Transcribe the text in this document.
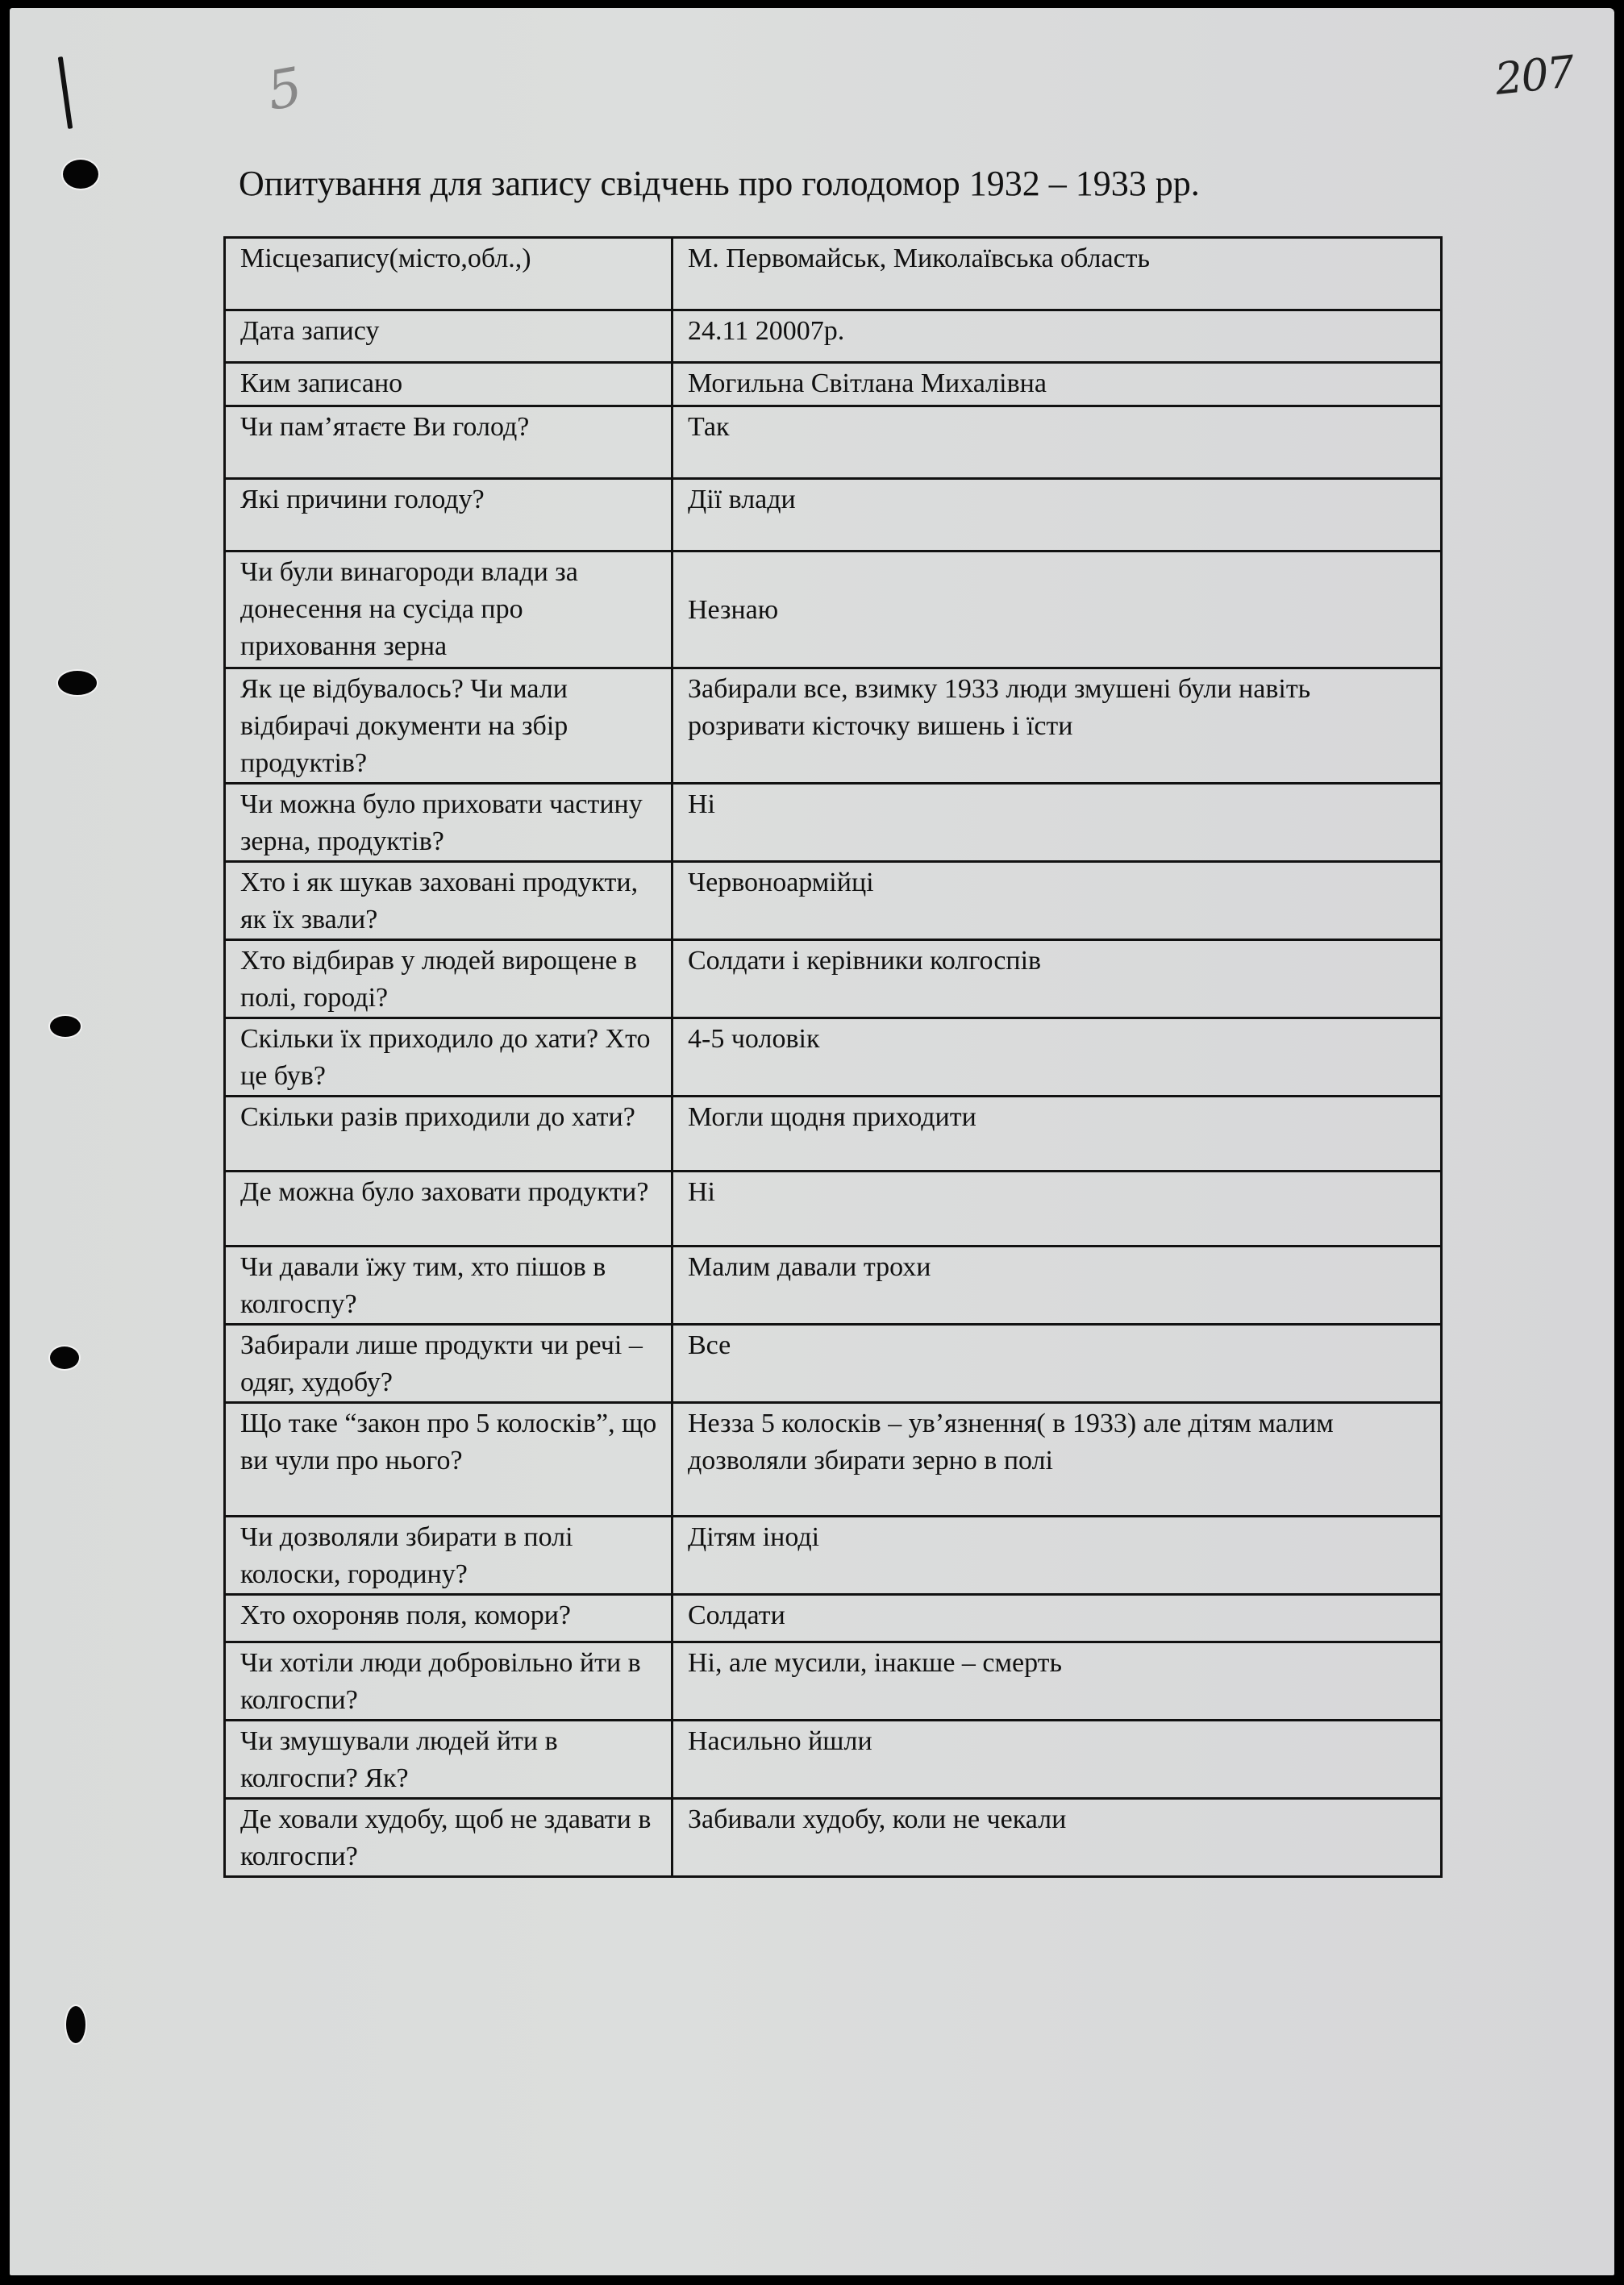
5	207
Опитування для запису свідчень про голодомор 1932 – 1933 рр.
Місцезапису(місто,обл.,)	М. Первомайськ, Миколаївська область
Дата запису	24.11 20007р.
Ким записано	Могильна Світлана Михалівна
Чи пам’ятаєте Ви голод?	Так
Які причини голоду?	Дії влади
Чи були винагороди влади за донесення на сусіда про приховання зерна	Незнаю
Як це відбувалось? Чи мали відбирачі документи на збір продуктів?	Забирали все, взимку 1933 люди змушені були навіть розривати кісточку вишень і їсти
Чи можна було приховати частину зерна, продуктів?	Ні
Хто і як шукав заховані продукти, як їх звали?	Червоноармійці
Хто відбирав у людей вирощене в полі, городі?	Солдати і керівники колгоспів
Скільки їх приходило до хати? Хто це був?	4-5 чоловік
Скільки разів приходили до хати?	Могли щодня приходити
Де можна було заховати продукти?	Ні
Чи давали їжу тим, хто пішов в колгоспу?	Малим давали трохи
Забирали лише продукти чи речі – одяг, худобу?	Все
Що таке “закон про 5 колосків”, що ви чули про нього?	Незза 5 колосків – ув’язнення( в 1933) але дітям малим дозволяли збирати зерно в полі
Чи дозволяли збирати в полі колоски, городину?	Дітям іноді
Хто охороняв поля, комори?	Солдати
Чи хотіли люди добровільно йти в колгоспи?	Ні, але мусили, інакше – смерть
Чи змушували людей йти в колгоспи? Як?	Насильно йшли
Де ховали худобу, щоб не здавати в колгоспи?	Забивали худобу, коли не чекали
